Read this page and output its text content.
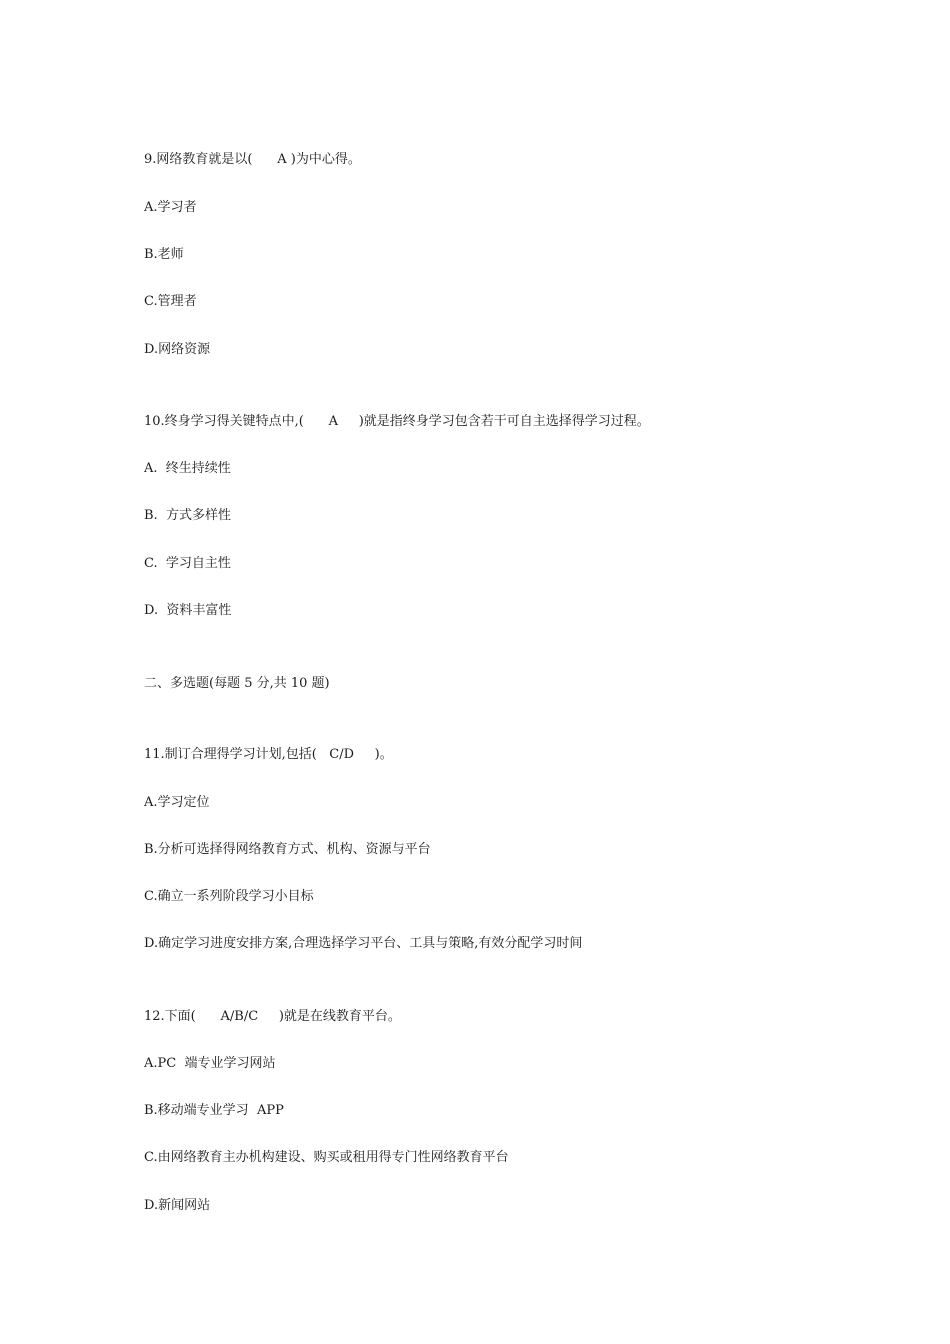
9.网络教育就是以(      A )为中心得。
A.学习者
B.老师
C.管理者
D.网络资源
10.终身学习得关键特点中,(      A     )就是指终身学习包含若干可自主选择得学习过程。
A.  终生持续性
B.  方式多样性
C.  学习自主性
D.  资料丰富性
二、多选题(每题 5 分,共 10 题)
11.制订合理得学习计划,包括(   C/D     )。
A.学习定位
B.分析可选择得网络教育方式、机构、资源与平台
C.确立一系列阶段学习小目标
D.确定学习进度安排方案,合理选择学习平台、工具与策略,有效分配学习时间
12.下面(      A/B/C     )就是在线教育平台。
A.PC  端专业学习网站
B.移动端专业学习  APP
C.由网络教育主办机构建设、购买或租用得专门性网络教育平台
D.新闻网站
